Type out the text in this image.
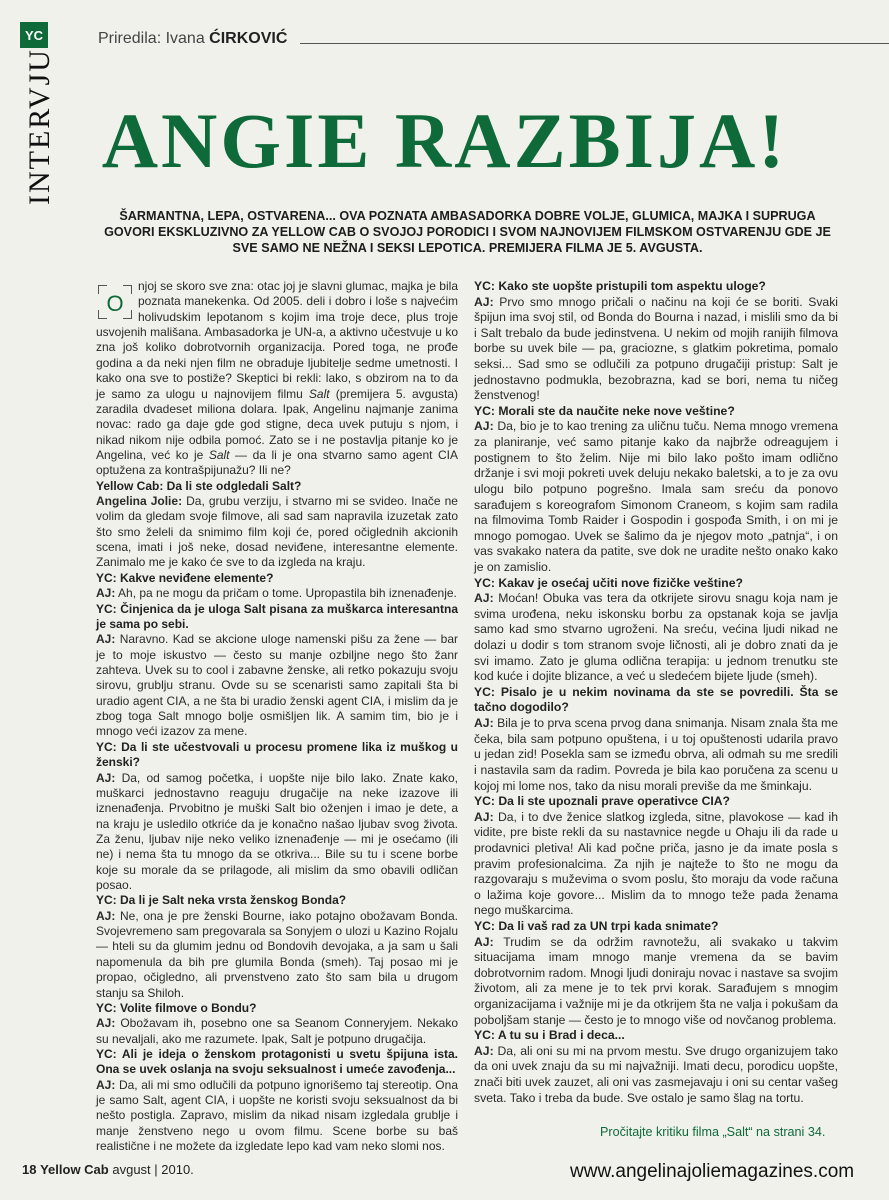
YC	Priredila: Ivana ĆIRKOVIĆ
INTERVJU ANGIE RAZBIJA!
ŠARMANTNA, LEPA, OSTVARENA... OVA POZNATA AMBASADORKA DOBRE VOLJE, GLUMICA, MAJKA I SUPRUGA GOVORI EKSKLUZIVNO ZA YELLOW CAB O SVOJOJ PORODICI I SVOM NAJNOVIJEM FILMSKOM OSTVARENJU GDE JE SVE SAMO NE NEŽNA I SEKSI LEPOTICA. PREMIJERA FILMA JE 5. AVGUSTA.

O
njoj se skoro sve zna: otac joj je slavni glumac, majka je bila poznata manekenka. Od 2005. deli i dobro i loše s najvećim holivudskim lepotanom s kojim ima troje dece, plus troje usvojenih mališana. Ambasadorka je UN-a, a aktivno učestvuje u ko zna još koliko dobrotvornih organizacija. Pored toga, ne prođe godina a da neki njen film ne obraduje ljubitelje sedme umetnosti. I kako ona sve to postiže? Skeptici bi rekli: lako, s obzirom na to da je samo za ulogu u najnovijem filmu Salt (premijera 5. avgusta) zaradila dvadeset miliona dolara. Ipak, Angelinu najmanje zanima novac: rado ga daje gde god stigne, deca uvek putuju s njom, i nikad nikom nije odbila pomoć. Zato se i ne postavlja pitanje ko je Angelina, već ko je Salt — da li je ona stvarno samo agent CIA optužena za kontrašpijunažu? Ili ne?

Yellow Cab: Da li ste odgledali Salt?

Angelina Jolie: Da, grubu verziju, i stvarno mi se svideo. Inače ne volim da gledam svoje filmove, ali sad sam napravila izuzetak zato što smo želeli da snimimo film koji će, pored očiglednih akcionih scena, imati i još neke, dosad neviđene, interesantne elemente. Zanimalo me je kako će sve to da izgleda na kraju.

YC: Kakve neviđene elemente?

AJ: Ah, pa ne mogu da pričam o tome. Upropastila bih iznenađenje.

YC: Činjenica da je uloga Salt pisana za muškarca interesantna je sama po sebi.

AJ: Naravno. Kad se akcione uloge namenski pišu za žene — bar je to moje iskustvo — često su manje ozbiljne nego što žanr zahteva. Uvek su to cool i zabavne ženske, ali retko pokazuju svoju sirovu, grublju stranu. Ovde su se scenaristi samo zapitali šta bi uradio agent CIA, a ne šta bi uradio ženski agent CIA, i mislim da je zbog toga Salt mnogo bolje osmišljen lik. A samim tim, bio je i mnogo veći izazov za mene.

YC: Da li ste učestvovali u procesu promene lika iz muškog u ženski?

AJ: Da, od samog početka, i uopšte nije bilo lako. Znate kako, muškarci jednostavno reaguju drugačije na neke izazove ili iznenađenja. Prvobitno je muški Salt bio oženjen i imao je dete, a na kraju je usledilo otkriće da je konačno našao ljubav svog života. Za ženu, ljubav nije neko veliko iznenađenje — mi je osećamo (ili ne) i nema šta tu mnogo da se otkriva... Bile su tu i scene borbe koje su morale da se prilagode, ali mislim da smo obavili odličan posao.

YC: Da li je Salt neka vrsta ženskog Bonda?

AJ: Ne, ona je pre ženski Bourne, iako potajno obožavam Bonda. Svojevremeno sam pregovarala sa Sonyjem o ulozi u Kazino Rojalu — hteli su da glumim jednu od Bondovih devojaka, a ja sam u šali napomenula da bih pre glumila Bonda (smeh). Taj posao mi je propao, očigledno, ali prvenstveno zato što sam bila u drugom stanju sa Shiloh.

YC: Volite filmove o Bondu?

AJ: Obožavam ih, posebno one sa Seanom Conneryjem. Nekako su nevaljali, ako me razumete. Ipak, Salt je potpuno drugačija.

YC: Ali je ideja o ženskom protagonisti u svetu špijuna ista. Ona se uvek oslanja na svoju seksualnost i umeće zavođenja...

AJ: Da, ali mi smo odlučili da potpuno ignorišemo taj stereotip. Ona je samo Salt, agent CIA, i uopšte ne koristi svoju seksualnost da bi nešto postigla. Zapravo, mislim da nikad nisam izgledala grublje i manje ženstveno nego u ovom filmu. Scene borbe su baš realistične i ne možete da izgledate lepo kad vam neko slomi nos.

YC: Kako ste uopšte pristupili tom aspektu uloge?

AJ: Prvo smo mnogo pričali o načinu na koji će se boriti. Svaki špijun ima svoj stil, od Bonda do Bourna i nazad, i mislili smo da bi i Salt trebalo da bude jedinstvena. U nekim od mojih ranijih filmova borbe su uvek bile — pa, graciozne, s glatkim pokretima, pomalo seksi... Sad smo se odlučili za potpuno drugačiji pristup: Salt je jednostavno podmukla, bezobrazna, kad se bori, nema tu ničeg ženstvenog!

YC: Morali ste da naučite neke nove veštine?

AJ: Da, bio je to kao trening za uličnu tuču. Nema mnogo vremena za planiranje, već samo pitanje kako da najbrže odreagujem i postignem to što želim. Nije mi bilo lako pošto imam odlično držanje i svi moji pokreti uvek deluju nekako baletski, a to je za ovu ulogu bilo potpuno pogrešno. Imala sam sreću da ponovo sarađujem s koreografom Simonom Craneom, s kojim sam radila na filmovima Tomb Raider i Gospodin i gospođa Smith, i on mi je mnogo pomogao. Uvek se šalimo da je njegov moto „patnja“, i on vas svakako natera da patite, sve dok ne uradite nešto onako kako je on zamislio.

YC: Kakav je osećaj učiti nove fizičke veštine?

AJ: Moćan! Obuka vas tera da otkrijete sirovu snagu koja nam je svima urođena, neku iskonsku borbu za opstanak koja se javlja samo kad smo stvarno ugroženi. Na sreću, većina ljudi nikad ne dolazi u dodir s tom stranom svoje ličnosti, ali je dobro znati da je svi imamo. Zato je gluma odlična terapija: u jednom trenutku ste kod kuće i dojite blizance, a već u sledećem bijete ljude (smeh).

YC: Pisalo je u nekim novinama da ste se povredili. Šta se tačno dogodilo?

AJ: Bila je to prva scena prvog dana snimanja. Nisam znala šta me čeka, bila sam potpuno opuštena, i u toj opuštenosti udarila pravo u jedan zid! Posekla sam se između obrva, ali odmah su me sredili i nastavila sam da radim. Povreda je bila kao poručena za scenu u kojoj mi lome nos, tako da nisu morali previše da me šminkaju.

YC: Da li ste upoznali prave operativce CIA?

AJ: Da, i to dve ženice slatkog izgleda, sitne, plavokose — kad ih vidite, pre biste rekli da su nastavnice negde u Ohaju ili da rade u prodavnici pletiva! Ali kad počne priča, jasno je da imate posla s pravim profesionalcima. Za njih je najteže to što ne mogu da razgovaraju s muževima o svom poslu, što moraju da vode računa o lažima koje govore... Mislim da to mnogo teže pada ženama nego muškarcima.

YC: Da li vaš rad za UN trpi kada snimate?

AJ: Trudim se da održim ravnotežu, ali svakako u takvim situacijama imam mnogo manje vremena da se bavim dobrotvornim radom. Mnogi ljudi doniraju novac i nastave sa svojim životom, ali za mene je to tek prvi korak. Sarađujem s mnogim organizacijama i važnije mi je da otkrijem šta ne valja i pokušam da poboljšam stanje — često je to mnogo više od novčanog problema.

YC: A tu su i Brad i deca...

AJ: Da, ali oni su mi na prvom mestu. Sve drugo organizujem tako da oni uvek znaju da su mi najvažniji. Imati decu, porodicu uopšte, znači biti uvek zauzet, ali oni vas zasmejavaju i oni su centar vašeg sveta. Tako i treba da bude. Sve ostalo je samo šlag na tortu.

Pročitajte kritiku filma „Salt“ na strani 34.
18 Yellow Cab avgust | 2010.	www.angelinajoliemagazines.com
